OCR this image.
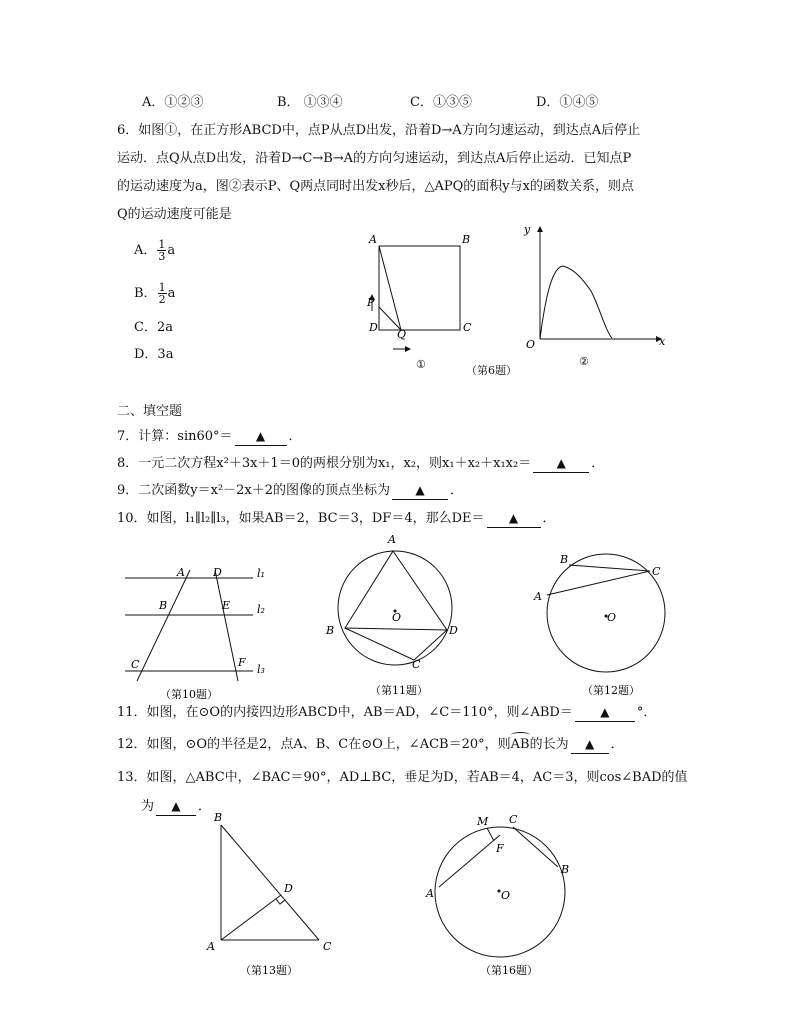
A．①②③	B． ①③④	C．①③⑤	D．①④⑤
6．如图①，在正方形ABCD中，点P从点D出发，沿着D→A方向匀速运动，到达点A后停止
运动．点Q从点D出发，沿着D→C→B→A的方向匀速运动，到达点A后停止运动．已知点P
的运动速度为a，图②表示P、Q两点同时出发x秒后，△APQ的面积y与x的函数关系，则点
Q的运动速度可能是
A． $\frac{1}{3}$ a
B． $\frac{1}{2}$ a
C．2a
D．3a
A	B
D	C
P
Q
①	（第6题）
y
x
O
②
二、填空题
7．计算：sin60°＝ ▲ ．
8．一元二次方程x²＋3x＋1＝0的两根分别为x₁，x₂，则x₁＋x₂＋x₁x₂＝ ▲ ．
9．二次函数y＝x²－2x＋2的图像的顶点坐标为 ▲ ．
10．如图，l₁∥l₂∥l₃，如果AB＝2，BC＝3，DF＝4，那么DE＝ ▲ ．
A	D
B	E
C	F
l₁
l₂
l₃
（第10题）
A
B	D
C
O
（第11题）
B
C
A
O
（第12题）
11．如图，在⊙O的内接四边形ABCD中，AB＝AD，∠C＝110°，则∠ABD＝ ▲ °．
12．如图，⊙O的半径是2，点A、B、C在⊙O上，∠ACB＝20°，则AB的长为 ▲ ．
13．如图，△ABC中，∠BAC＝90°，AD⊥BC，垂足为D，若AB＝4，AC＝3，则cos∠BAD的值
为 ▲ ．
B
D
A	C
（第13题）
M C
F
B
A	O
（第16题）
